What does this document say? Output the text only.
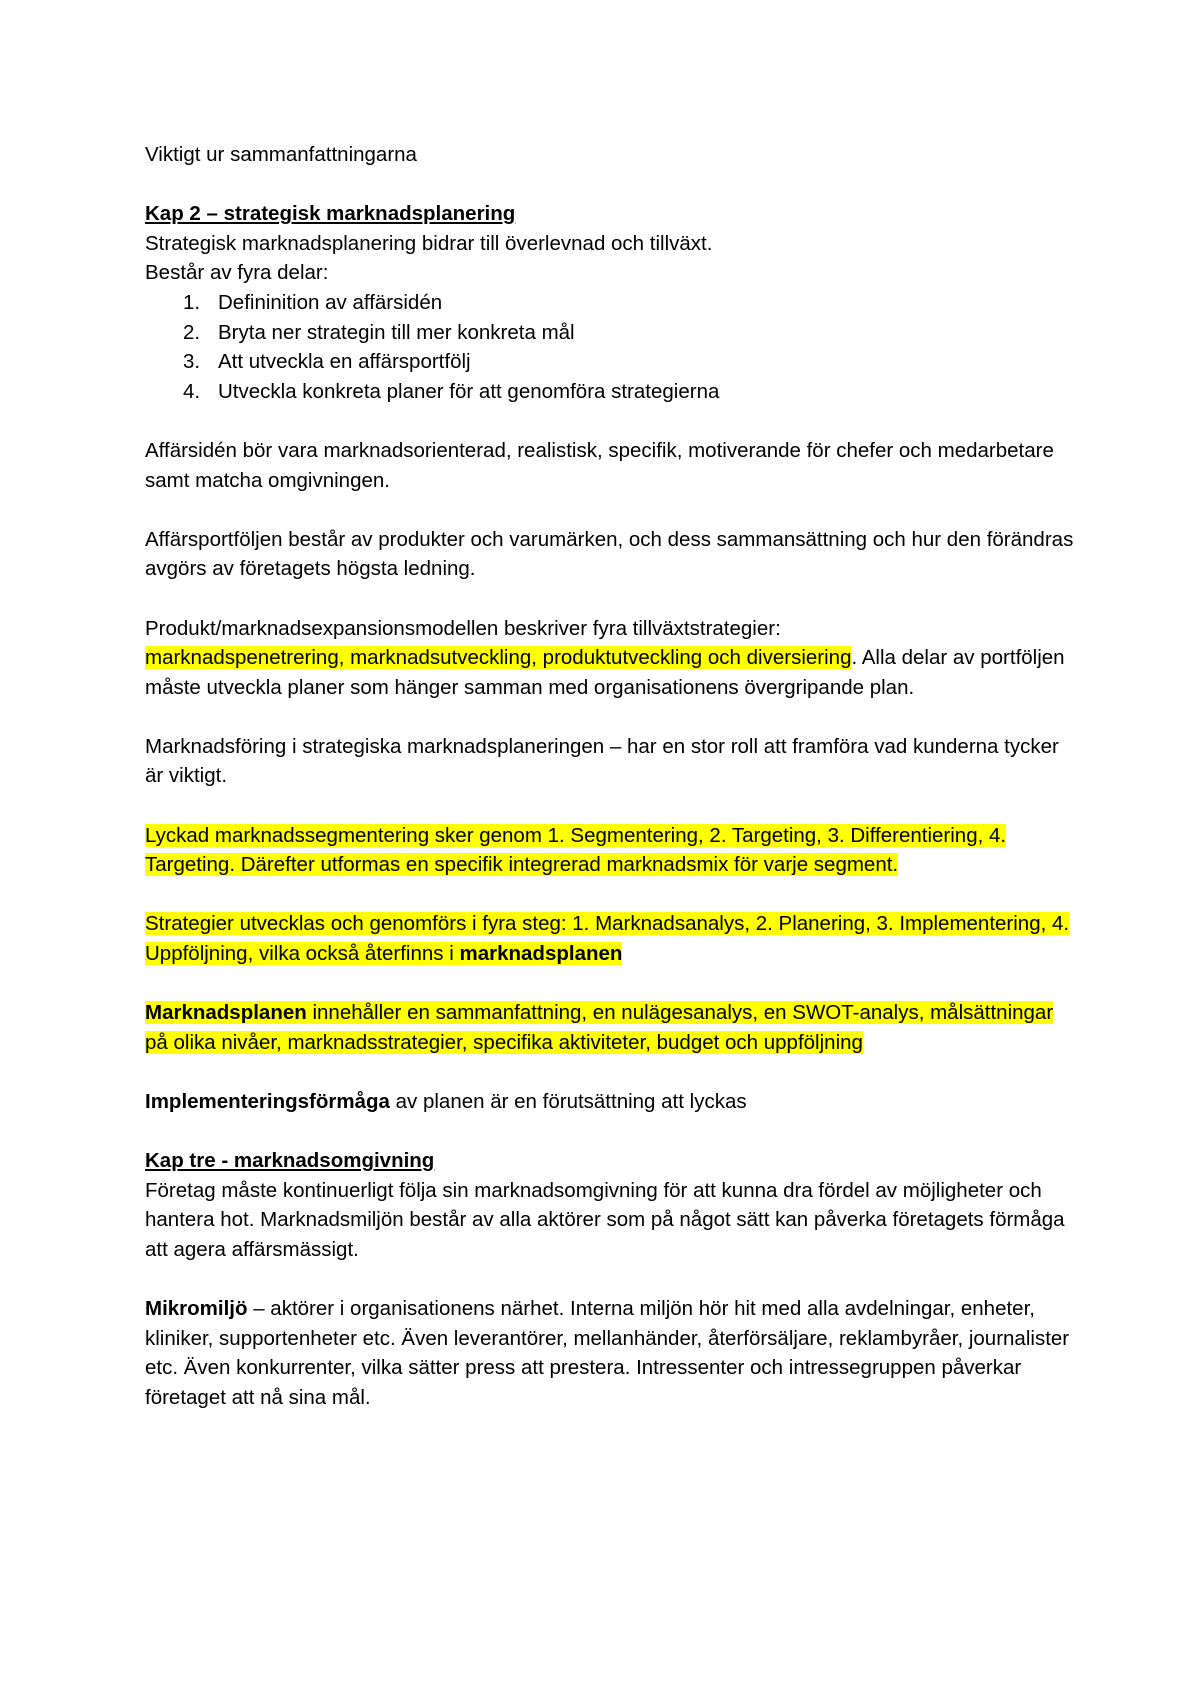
Viktigt ur sammanfattningarna

Kap 2 – strategisk marknadsplanering

Strategisk marknadsplanering bidrar till överlevnad och tillväxt.

Består av fyra delar:

1. Defininition av affärsidén
2. Bryta ner strategin till mer konkreta mål
3. Att utveckla en affärsportfölj
4. Utveckla konkreta planer för att genomföra strategierna

Affärsidén bör vara marknadsorienterad, realistisk, specifik, motiverande för chefer och medarbetare samt matcha omgivningen.

Affärsportföljen består av produkter och varumärken, och dess sammansättning och hur den förändras avgörs av företagets högsta ledning.

Produkt/marknadsexpansionsmodellen beskriver fyra tillväxtstrategier:

marknadspenetrering, marknadsutveckling, produktutveckling och diversiering. Alla delar av portföljen måste utveckla planer som hänger samman med organisationens övergripande plan.

Marknadsföring i strategiska marknadsplaneringen – har en stor roll att framföra vad kunderna tycker är viktigt.

Lyckad marknadssegmentering sker genom 1. Segmentering, 2. Targeting, 3. Differentiering, 4. Targeting. Därefter utformas en specifik integrerad marknadsmix för varje segment.

Strategier utvecklas och genomförs i fyra steg: 1. Marknadsanalys, 2. Planering, 3. Implementering, 4. Uppföljning, vilka också återfinns i marknadsplanen

Marknadsplanen innehåller en sammanfattning, en nulägesanalys, en SWOT-analys, målsättningar på olika nivåer, marknadsstrategier, specifika aktiviteter, budget och uppföljning

Implementeringsförmåga av planen är en förutsättning att lyckas

Kap tre - marknadsomgivning

Företag måste kontinuerligt följa sin marknadsomgivning för att kunna dra fördel av möjligheter och hantera hot. Marknadsmiljön består av alla aktörer som på något sätt kan påverka företagets förmåga att agera affärsmässigt.

Mikromiljö – aktörer i organisationens närhet. Interna miljön hör hit med alla avdelningar, enheter, kliniker, supportenheter etc. Även leverantörer, mellanhänder, återförsäljare, reklambyråer, journalister etc. Även konkurrenter, vilka sätter press att prestera. Intressenter och intressegruppen påverkar företaget att nå sina mål.
